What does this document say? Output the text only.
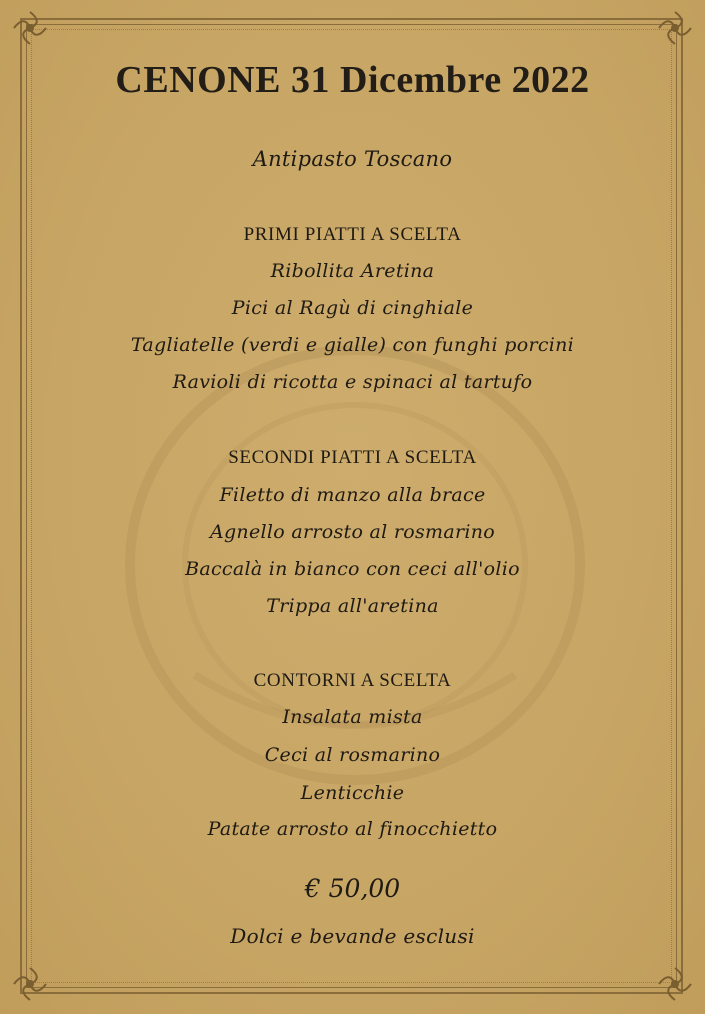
CENONE 31 Dicembre 2022
Antipasto Toscano
PRIMI PIATTI A SCELTA
Ribollita Aretina
Pici al Ragù di cinghiale
Tagliatelle (verdi e gialle) con funghi porcini
Ravioli di ricotta e spinaci al tartufo
SECONDI PIATTI A SCELTA
Filetto di manzo alla brace
Agnello arrosto al rosmarino
Baccalà in bianco con ceci all'olio
Trippa all'aretina
CONTORNI A SCELTA
Insalata mista
Ceci al rosmarino
Lenticchie
Patate arrosto al finocchietto
€ 50,00
Dolci e bevande esclusi
